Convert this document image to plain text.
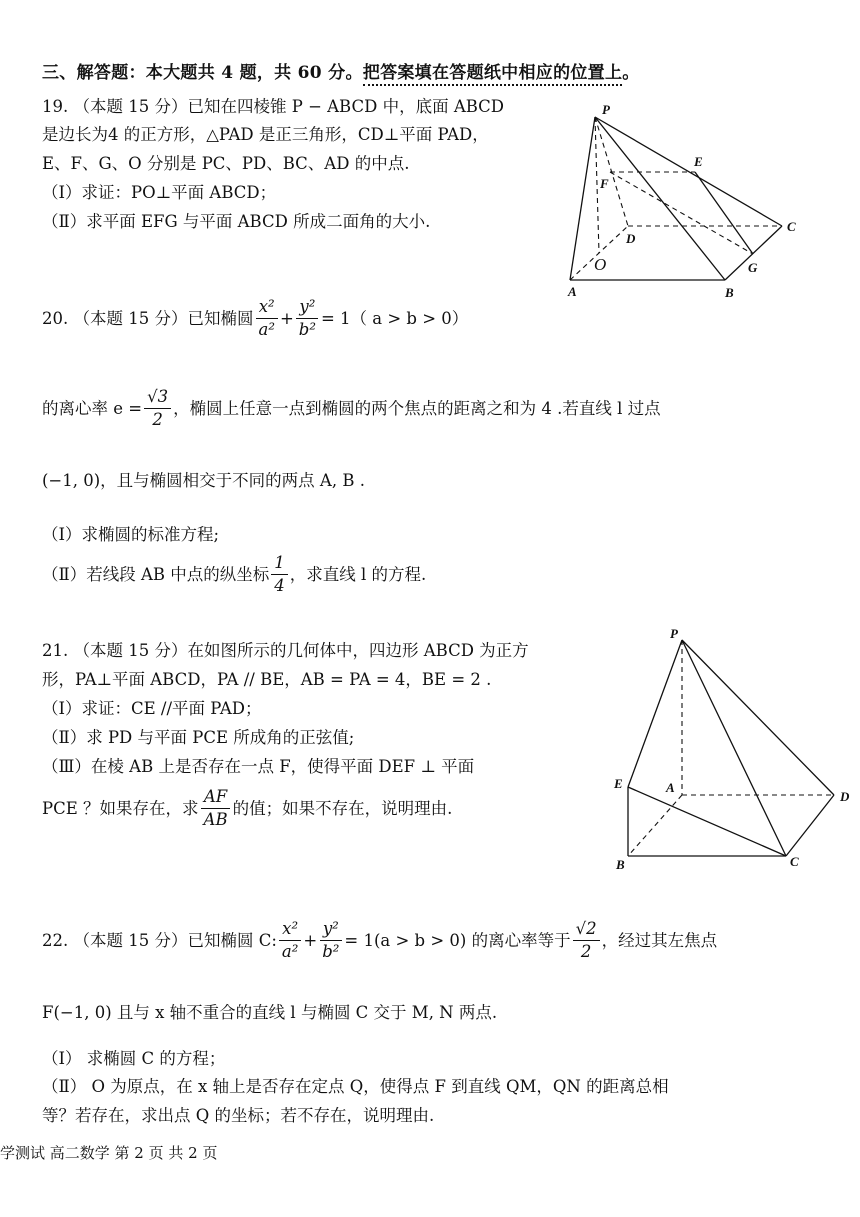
三、解答题：本大题共 4 题，共 60 分。把答案填在答题纸中相应的位置上。
19. （本题 15 分）已知在四棱锥 P − ABCD 中，底面 ABCD
是边长为4 的正方形，△PAD 是正三角形，CD⊥平面 PAD，
E、F、G、O 分别是 PC、PD、BC、AD 的中点.
（Ⅰ）求证：PO⊥平面 ABCD；
（Ⅱ）求平面 EFG 与平面 ABCD 所成二面角的大小.
P
E
F
D
C
O	G
A	B
20. （本题 15 分）已知椭圆 $\frac{\text{x²}}{\text{a²}} + \frac{\text{y²}}{\text{b²}} = 1$（ a > b > 0）
的离心率 $e = \frac{√3}{2}$ ，椭圆上任意一点到椭圆的两个焦点的距离之和为 4 .若直线 l 过点
(−1, 0)，且与椭圆相交于不同的两点 A, B .
（Ⅰ）求椭圆的标准方程;
（Ⅱ）若线段 AB 中点的纵坐标 $\frac{1}{4}$ ，求直线 l 的方程.
21. （本题 15 分）在如图所示的几何体中，四边形 ABCD 为正方
形，PA⊥平面 ABCD，PA // BE，AB = PA = 4，BE = 2 .
（Ⅰ）求证：CE //平面 PAD；
（Ⅱ）求 PD 与平面 PCE 所成角的正弦值;
（Ⅲ）在棱 AB 上是否存在一点 F，使得平面 DEF ⊥ 平面
PCE ？如果存在，求 $\frac{AF}{AB}$ 的值；如果不存在，说明理由.
P
E	A
D
B	C
22. （本题 15 分）已知椭圆 C: $\frac{\text{x²}}{\text{a²}} + \frac{\text{y²}}{\text{b²}} = 1(a > b > 0)$ 的离心率等于 $\frac{√2}{2}$ ，经过其左焦点
F(−1, 0) 且与 x 轴不重合的直线 l 与椭圆 C 交于 M, N 两点.
（Ⅰ） 求椭圆 C 的方程；
（Ⅱ） O 为原点，在 x 轴上是否存在定点 Q，使得点 F 到直线 QM，QN 的距离总相
等？若存在，求出点 Q 的坐标；若不存在，说明理由.
学测试 高二数学 第 2 页 共 2 页
